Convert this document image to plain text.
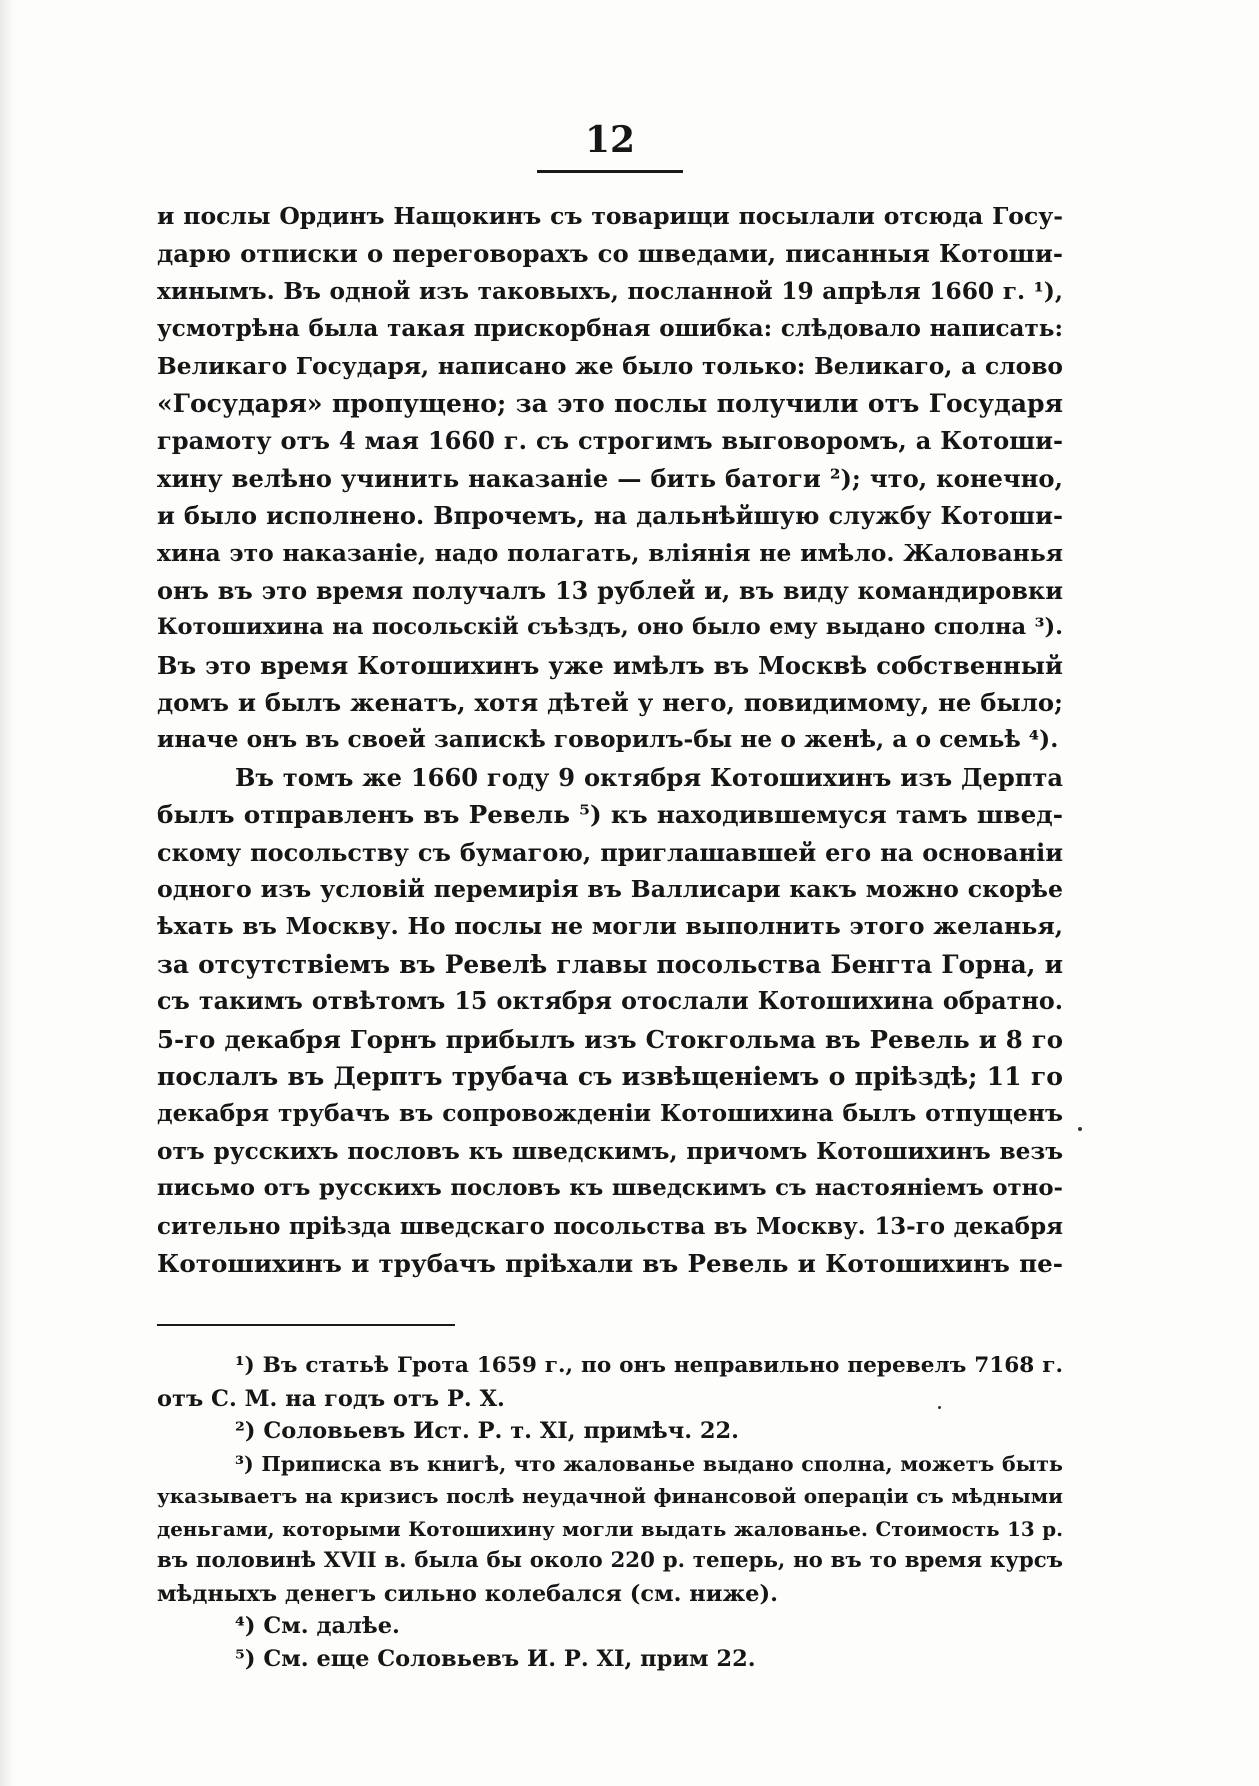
12
и послы Ординъ Нащокинъ съ товарищи посылали отсюда Госу-
дарю отписки о переговорахъ со шведами, писанныя Котоши-
хинымъ. Въ одной изъ таковыхъ, посланной 19 апрѣля 1660 г. ¹),
усмотрѣна была такая прискорбная ошибка: слѣдовало написать:
Великаго Государя, написано же было только: Великаго, а слово
«Государя» пропущено; за это послы получили отъ Государя
грамоту отъ 4 мая 1660 г. съ строгимъ выговоромъ, а Котоши-
хину велѣно учинить наказаніе — бить батоги ²); что, конечно,
и было исполнено. Впрочемъ, на дальнѣйшую службу Котоши-
хина это наказаніе, надо полагать, вліянія не имѣло. Жалованья
онъ въ это время получалъ 13 рублей и, въ виду командировки
Котошихина на посольскій съѣздъ, оно было ему выдано сполна ³).
Въ это время Котошихинъ уже имѣлъ въ Москвѣ собственный
домъ и былъ женатъ, хотя дѣтей у него, повидимому, не было;
иначе онъ въ своей запискѣ говорилъ-бы не о женѣ, а о семьѣ ⁴).
Въ томъ же 1660 году 9 октября Котошихинъ изъ Дерпта
былъ отправленъ въ Ревель ⁵) къ находившемуся тамъ швед-
скому посольству съ бумагою, приглашавшей его на основаніи
одного изъ условій перемирія въ Валлисари какъ можно скорѣе
ѣхать въ Москву. Но послы не могли выполнить этого желанья,
за отсутствіемъ въ Ревелѣ главы посольства Бенгта Горна, и
съ такимъ отвѣтомъ 15 октября отослали Котошихина обратно.
5-го декабря Горнъ прибылъ изъ Стокгольма въ Ревель и 8 го
послалъ въ Дерптъ трубача съ извѣщеніемъ о пріѣздѣ; 11 го
декабря трубачъ въ сопровожденіи Котошихина былъ отпущенъ
отъ русскихъ пословъ къ шведскимъ, причомъ Котошихинъ везъ
письмо отъ русскихъ пословъ къ шведскимъ съ настояніемъ отно-
сительно пріѣзда шведскаго посольства въ Москву. 13-го декабря
Котошихинъ и трубачъ пріѣхали въ Ревель и Котошихинъ пе-
¹) Въ статьѣ Грота 1659 г., по онъ неправильно перевелъ 7168 г.
отъ С. М. на годъ отъ Р. Х.
²) Соловьевъ Ист. Р. т. XI, примѣч. 22.
³) Приписка въ книгѣ, что жалованье выдано сполна, можетъ быть
указываетъ на кризисъ послѣ неудачной финансовой операціи съ мѣдными
деньгами, которыми Котошихину могли выдать жалованье. Стоимость 13 р.
въ половинѣ XVII в. была бы около 220 р. теперь, но въ то время курсъ
мѣдныхъ денегъ сильно колебался (см. ниже).
⁴) См. далѣе.
⁵) См. еще Соловьевъ И. Р. XI, прим 22.
